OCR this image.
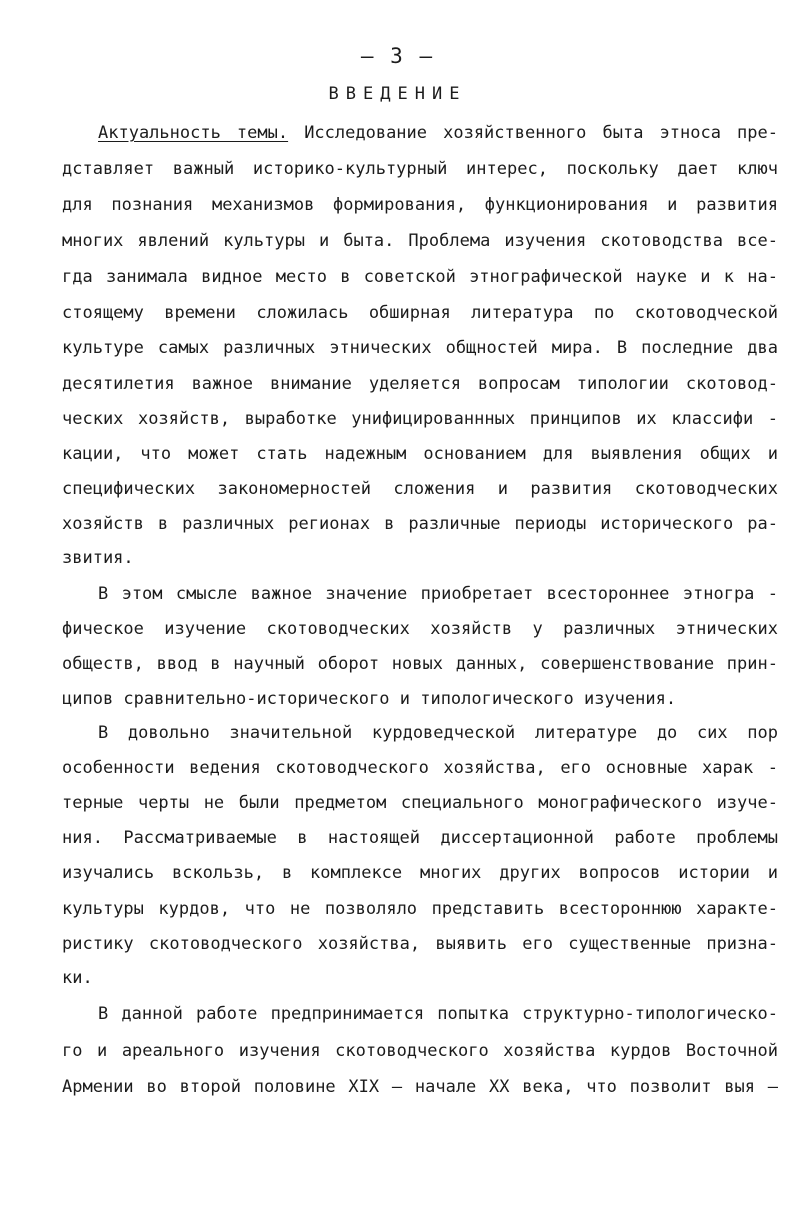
– 3 –
ВВЕДЕНИЕ
Актуальность темы. Исследование хозяйственного быта этноса пре-
дставляет важный историко-культурный интерес, поскольку дает ключ
для познания механизмов формирования, функционирования и развития
многих явлений культуры и быта. Проблема изучения скотоводства все-
гда занимала видное место в советской этнографической науке и к на-
стоящему времени сложилась обширная литература по скотоводческой
культуре самых различных этнических общностей мира. В последние два
десятилетия важное внимание уделяется вопросам типологии скотовод-
ческих хозяйств, выработке унифицированнных принципов их классифи -
кации, что может стать надежным основанием для выявления общих и
специфических закономерностей сложения и развития скотоводческих
хозяйств в различных регионах в различные периоды исторического ра-
звития.
В этом смысле важное значение приобретает всестороннее этногра -
фическое изучение скотоводческих хозяйств у различных этнических
обществ, ввод в научный оборот новых данных, совершенствование прин-
ципов сравнительно-исторического и типологического изучения.
В довольно значительной курдоведческой литературе до сих пор
особенности ведения скотоводческого хозяйства, его основные харак -
терные черты не были предметом специального монографического изуче-
ния. Рассматриваемые в настоящей диссертационной работе проблемы
изучались вскользь, в комплексе многих других вопросов истории и
культуры курдов, что не позволяло представить всестороннюю характе-
ристику скотоводческого хозяйства, выявить его существенные призна-
ки.
В данной работе предпринимается попытка структурно-типологическо-
го и ареального изучения скотоводческого хозяйства курдов Восточной
Армении во второй половине XIX – начале XX века, что позволит выя –
